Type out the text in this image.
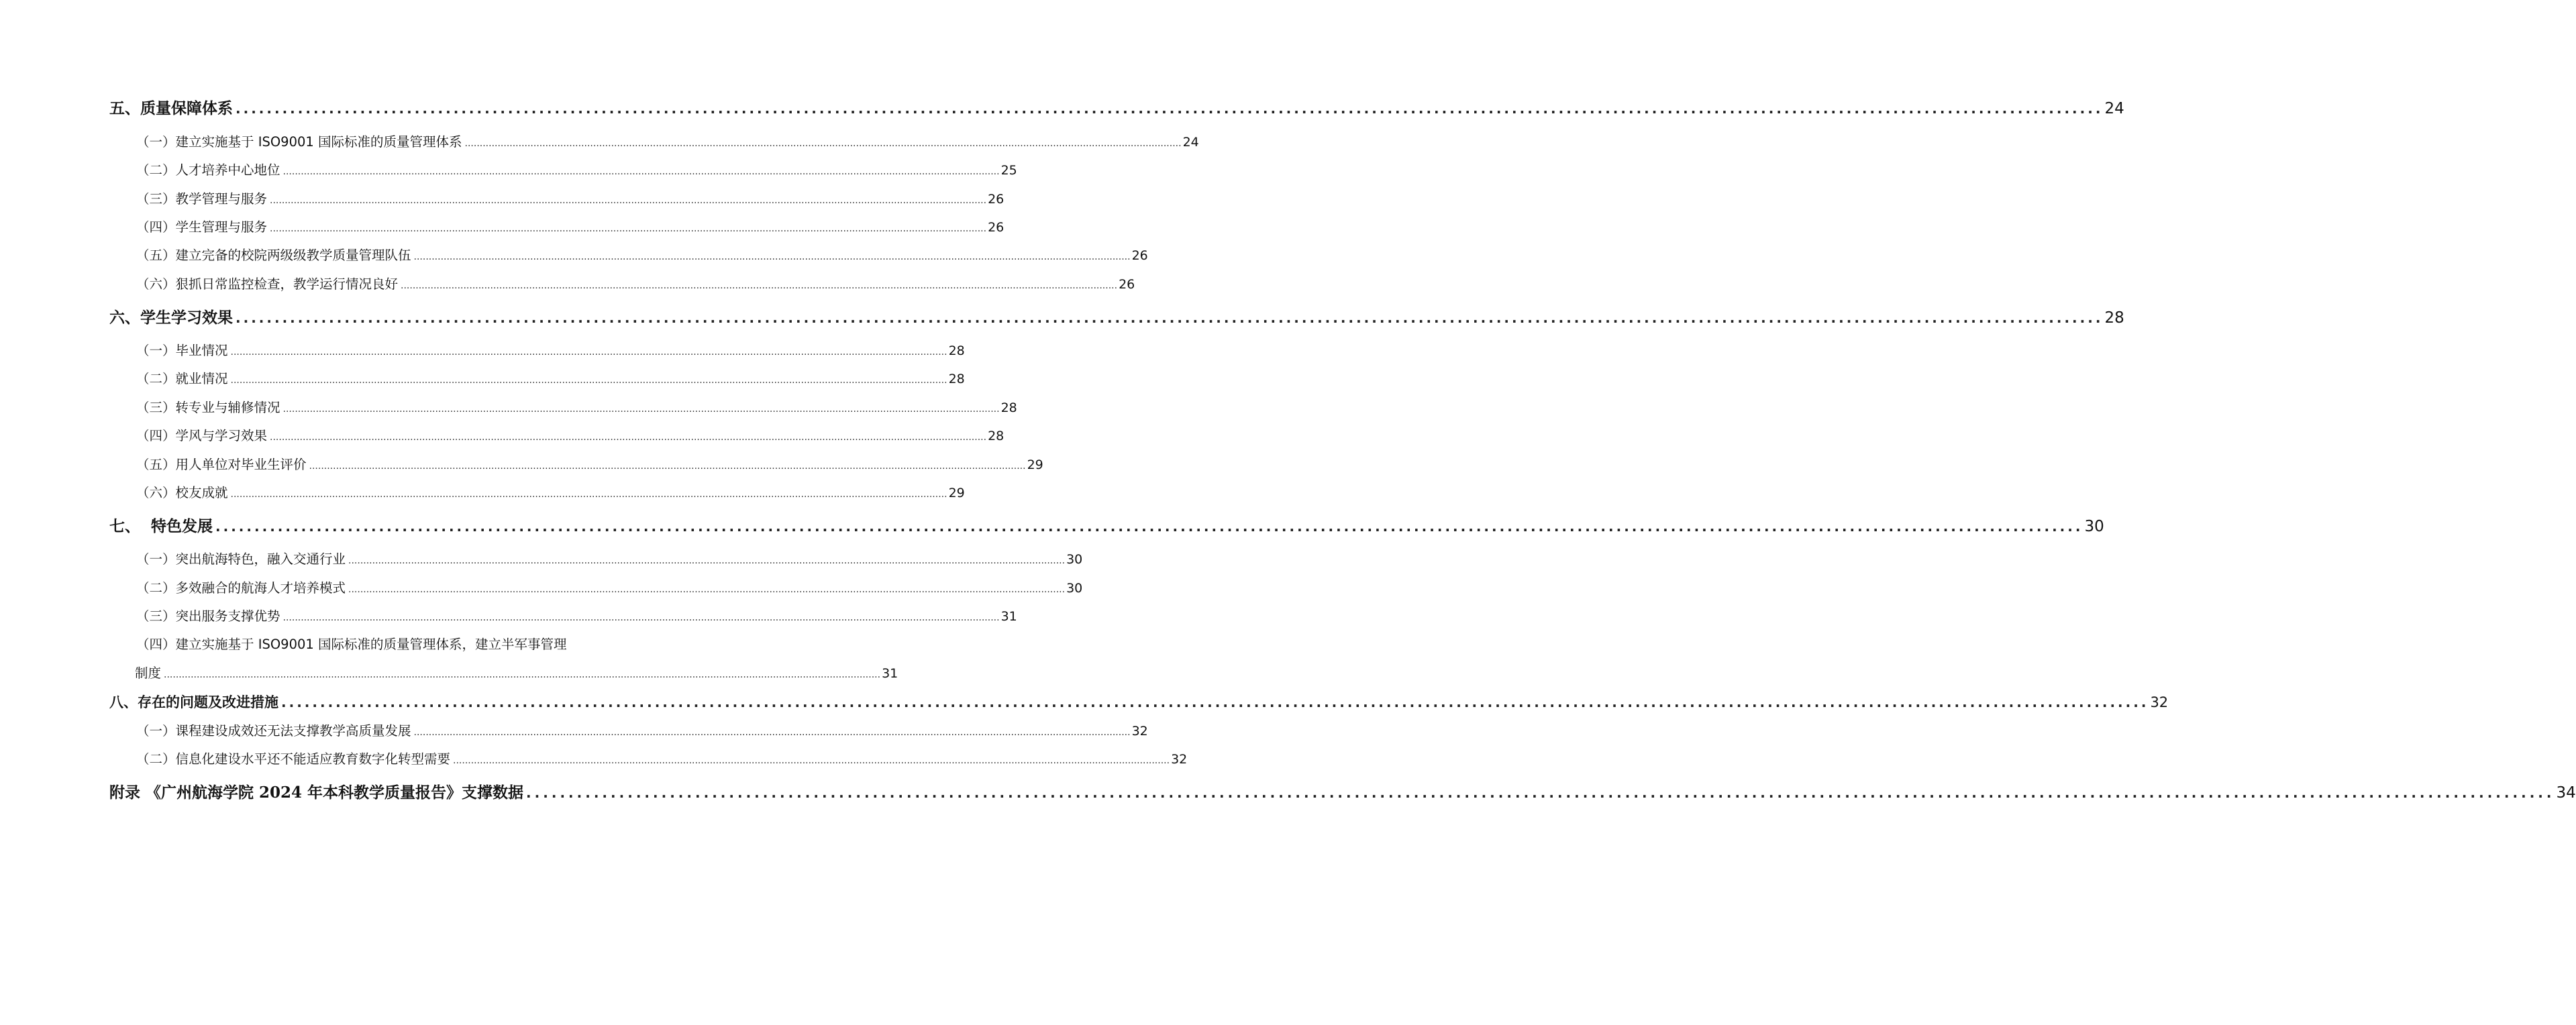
五、质量保障体系 ................................................................................................................................................................................................................................................ 24
（一）建立实施基于 ISO9001 国际标准的质量管理体系 ................................................................................................................................................................................................................................................ 24
（二）人才培养中心地位 ................................................................................................................................................................................................................................................ 25
（三）教学管理与服务 ................................................................................................................................................................................................................................................ 26
（四）学生管理与服务 ................................................................................................................................................................................................................................................ 26
（五）建立完备的校院两级级教学质量管理队伍 ................................................................................................................................................................................................................................................ 26
（六）狠抓日常监控检查，教学运行情况良好 ................................................................................................................................................................................................................................................ 26
六、学生学习效果 ................................................................................................................................................................................................................................................ 28
（一）毕业情况 ................................................................................................................................................................................................................................................ 28
（二）就业情况 ................................................................................................................................................................................................................................................ 28
（三）转专业与辅修情况 ................................................................................................................................................................................................................................................ 28
（四）学风与学习效果 ................................................................................................................................................................................................................................................ 28
（五）用人单位对毕业生评价 ................................................................................................................................................................................................................................................ 29
（六）校友成就 ................................................................................................................................................................................................................................................ 29
七、  特色发展 ................................................................................................................................................................................................................................................ 30
（一）突出航海特色，融入交通行业 ................................................................................................................................................................................................................................................ 30
（二）多效融合的航海人才培养模式 ................................................................................................................................................................................................................................................ 30
（三）突出服务支撑优势 ................................................................................................................................................................................................................................................ 31
（四）建立实施基于 ISO9001 国际标准的质量管理体系，建立半军事管理
制度 ................................................................................................................................................................................................................................................ 31
八、存在的问题及改进措施 ................................................................................................................................................................................................................................................ 32
（一）课程建设成效还无法支撑教学高质量发展 ................................................................................................................................................................................................................................................ 32
（二）信息化建设水平还不能适应教育数字化转型需要 ................................................................................................................................................................................................................................................ 32
附录 《广州航海学院 2024 年本科教学质量报告》支撑数据 ................................................................................................................................................................................................................................................ 34
